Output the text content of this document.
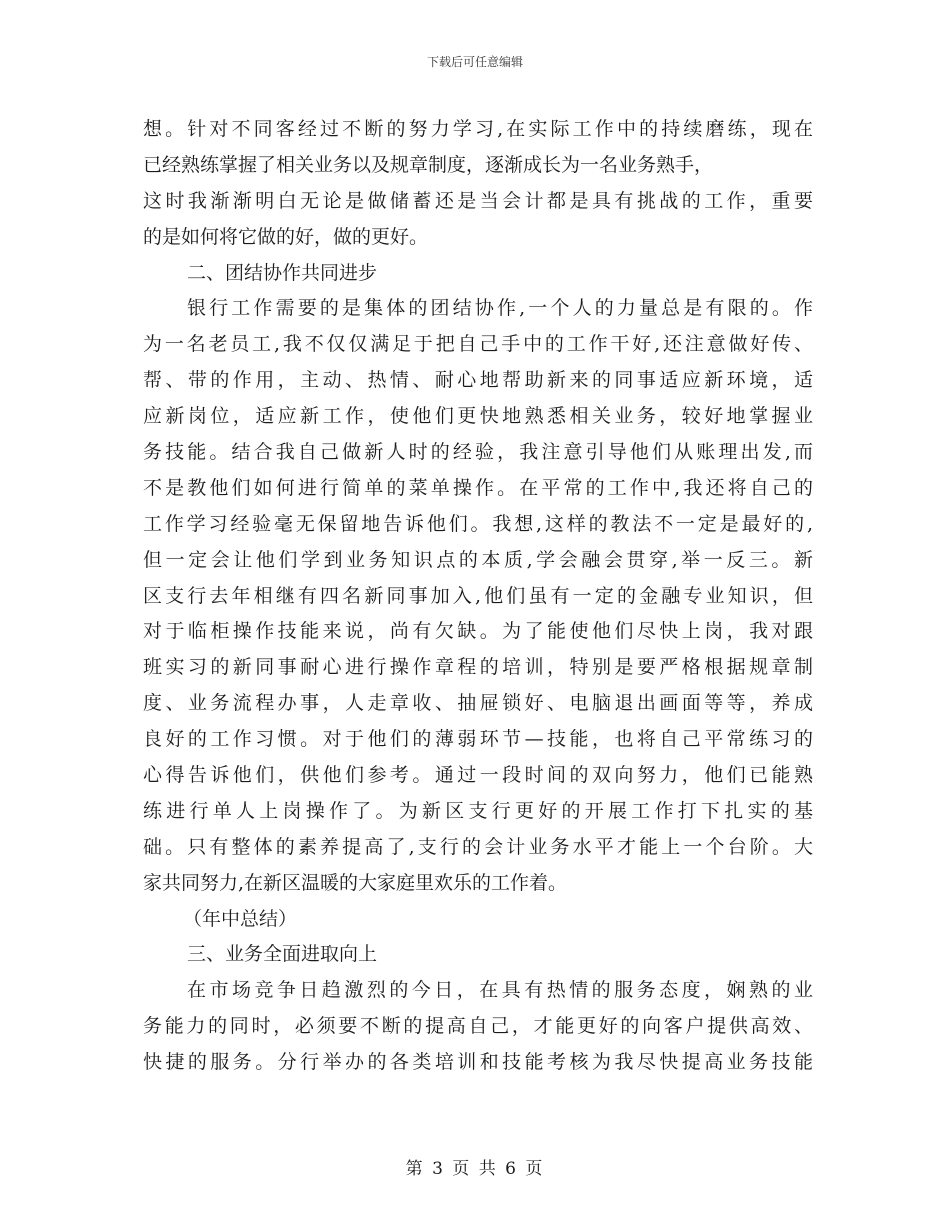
下载后可任意编辑
想。针对不同客经过不断的努力学习,在实际工作中的持续磨练，现在
已经熟练掌握了相关业务以及规章制度，逐渐成长为一名业务熟手，
这时我渐渐明白无论是做储蓄还是当会计都是具有挑战的工作，重要
的是如何将它做的好，做的更好。
二、团结协作共同进步
银行工作需要的是集体的团结协作,一个人的力量总是有限的。作
为一名老员工,我不仅仅满足于把自己手中的工作干好,还注意做好传、
帮、带的作用，主动、热情、耐心地帮助新来的同事适应新环境，适
应新岗位，适应新工作，使他们更快地熟悉相关业务，较好地掌握业
务技能。结合我自己做新人时的经验，我注意引导他们从账理出发,而
不是教他们如何进行简单的菜单操作。在平常的工作中,我还将自己的
工作学习经验毫无保留地告诉他们。我想,这样的教法不一定是最好的,
但一定会让他们学到业务知识点的本质,学会融会贯穿,举一反三。新
区支行去年相继有四名新同事加入,他们虽有一定的金融专业知识，但
对于临柜操作技能来说，尚有欠缺。为了能使他们尽快上岗，我对跟
班实习的新同事耐心进行操作章程的培训，特别是要严格根据规章制
度、业务流程办事，人走章收、抽屉锁好、电脑退出画面等等，养成
良好的工作习惯。对于他们的薄弱环节—技能，也将自己平常练习的
心得告诉他们，供他们参考。通过一段时间的双向努力，他们已能熟
练进行单人上岗操作了。为新区支行更好的开展工作打下扎实的基
础。只有整体的素养提高了,支行的会计业务水平才能上一个台阶。大
家共同努力,在新区温暖的大家庭里欢乐的工作着。
（年中总结）
三、业务全面进取向上
在市场竞争日趋激烈的今日，在具有热情的服务态度，娴熟的业
务能力的同时，必须要不断的提高自己，才能更好的向客户提供高效、
快捷的服务。分行举办的各类培训和技能考核为我尽快提高业务技能
第 3 页 共 6 页
